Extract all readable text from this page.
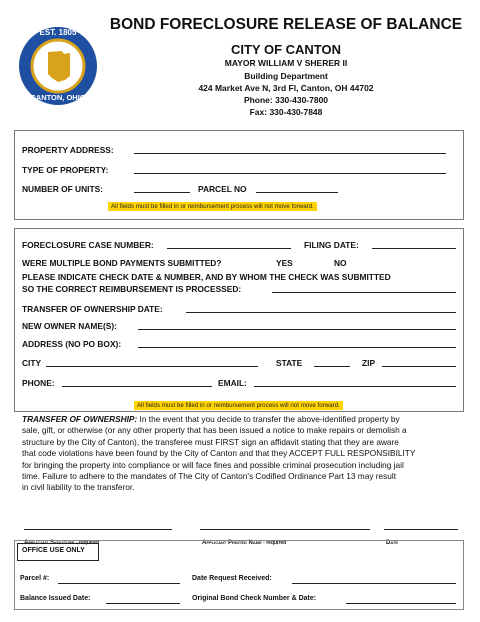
EST. 1805
CANTON, OHIO
BOND FORECLOSURE RELEASE OF BALANCE
CITY OF CANTON
MAYOR WILLIAM V SHERER II
Building Department
424 Market Ave N, 3rd Fl, Canton, OH 44702
Phone: 330-430-7800
Fax: 330-430-7848
PROPERTY ADDRESS:
TYPE OF PROPERTY:
NUMBER OF UNITS:	PARCEL NO
All fields must be filled in or reimbursement process will not move forward.
FORECLOSURE CASE NUMBER:	FILING DATE:
WERE MULTIPLE BOND PAYMENTS SUBMITTED?	YES	NO
PLEASE INDICATE CHECK DATE & NUMBER, AND BY WHOM THE CHECK WAS SUBMITTED
SO THE CORRECT REIMBURSEMENT IS PROCESSED:
TRANSFER OF OWNERSHIP DATE:
NEW OWNER NAME(S):
ADDRESS (NO PO BOX):
CITY	STATE	ZIP
PHONE:	EMAIL:
All fields must be filled in or reimbursement process will not move forward.
TRANSFER OF OWNERSHIP: In the event that you decide to transfer the above-identified property by
sale, gift, or otherwise (or any other property that has been issued a notice to make repairs or demolish a
structure by the City of Canton), the transferee must FIRST sign an affidavit stating that they are aware
that code violations have been found by the City of Canton and that they ACCEPT FULL RESPONSIBILITY
for bringing the property into compliance or will face fines and possible criminal prosecution including jail
time. Failure to adhere to the mandates of The City of Canton's Codified Ordinance Part 13 may result
in civil liability to the transferor.
Applicant Signature - required	Applicant Printed Name - required	Date
OFFICE USE ONLY
Parcel #:	Date Request Received:
Balance Issued Date:	Original Bond Check Number & Date:
